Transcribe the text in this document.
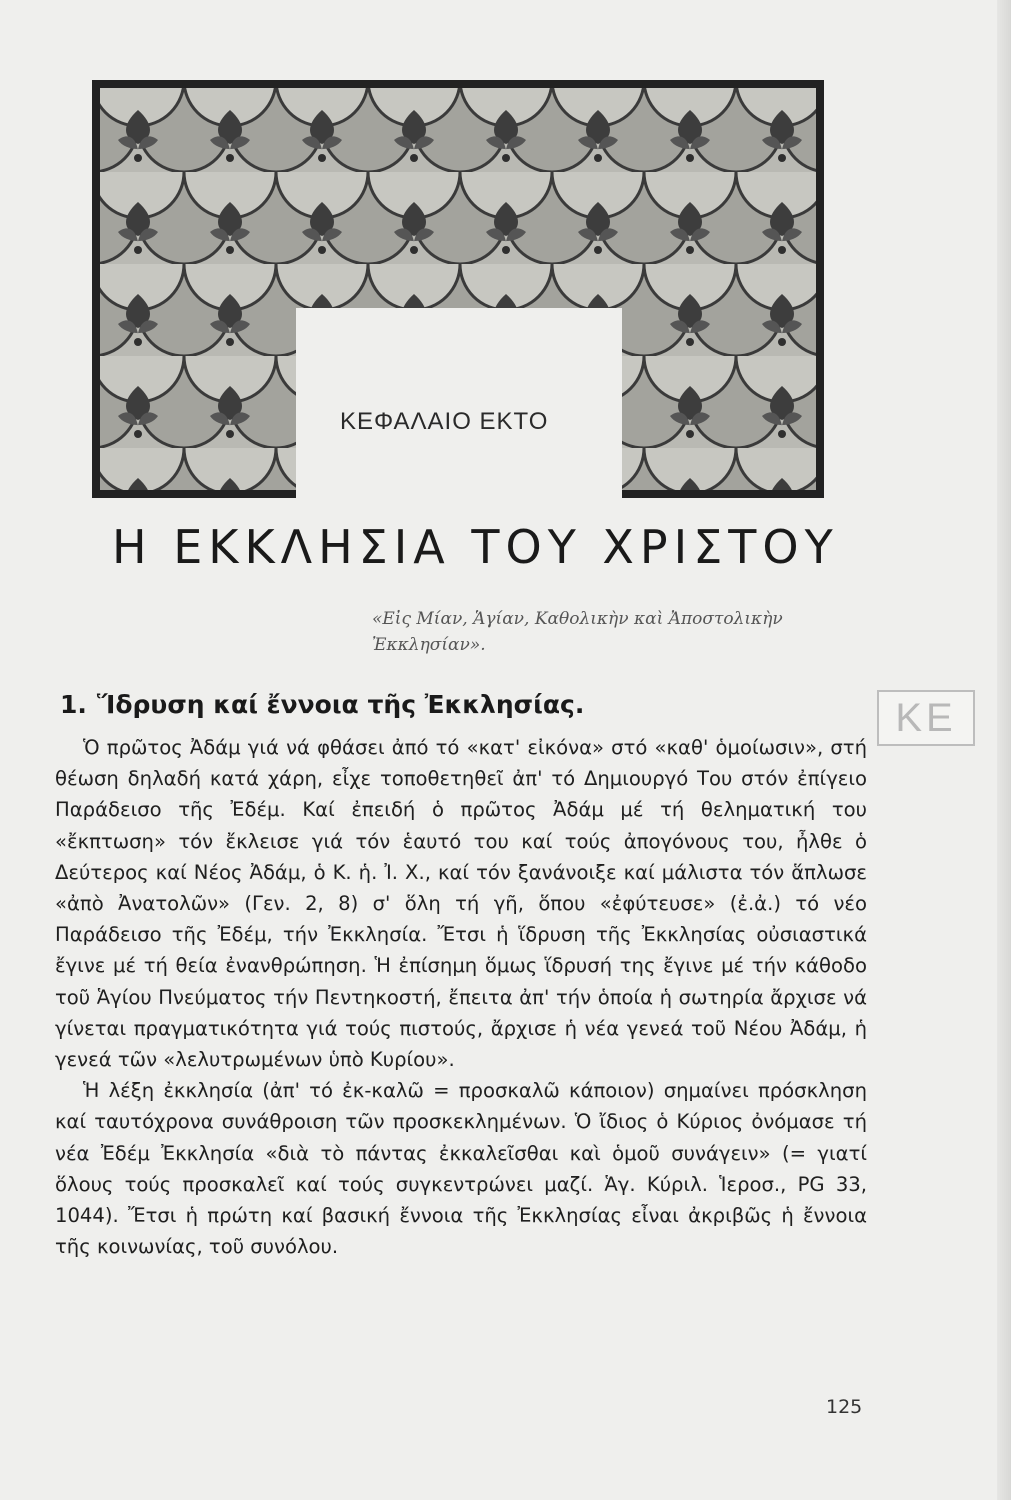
ΚΕΦΑΛΑΙΟ ΕΚΤΟ
Η ΕΚΚΛΗΣΙΑ ΤΟΥ ΧΡΙΣΤΟΥ
«Εἰς Μίαν, Ἁγίαν, Καθολικὴν καὶ Ἀποστολικὴν Ἐκκλησίαν».
1. Ἵδρυση καί ἔννοια τῆς Ἐκκλησίας.	ΚΕ

Ὁ πρῶτος Ἀδάμ γιά νά φθάσει ἀπό τό «κατ' εἰκόνα» στό «καθ' ὁμοίωσιν», στή θέωση δηλαδή κατά χάρη, εἶχε τοποθετηθεῖ ἀπ' τό Δημιουργό Του στόν ἐπίγειο Παράδεισο τῆς Ἐδέμ. Καί ἐπειδή ὁ πρῶτος Ἀδάμ μέ τή θεληματική του «ἔκπτωση» τόν ἔκλεισε γιά τόν ἑαυτό του καί τούς ἀπογόνους του, ἦλθε ὁ Δεύτερος καί Νέος Ἀδάμ, ὁ Κ. ἡ. Ἰ. Χ., καί τόν ξανάνοιξε καί μάλιστα τόν ἅπλωσε «ἀπὸ Ἀνατολῶν» (Γεν. 2, 8) σ' ὅλη τή γῆ, ὅπου «ἐφύτευσε» (ἐ.ἀ.) τό νέο Παράδεισο τῆς Ἐδέμ, τήν Ἐκκλησία. Ἔτσι ἡ ἵδρυση τῆς Ἐκκλησίας οὐσιαστικά ἔγινε μέ τή θεία ἐνανθρώπηση. Ἡ ἐπίσημη ὅμως ἵδρυσή της ἔγινε μέ τήν κάθοδο τοῦ Ἁγίου Πνεύματος τήν Πεντηκοστή, ἔπειτα ἀπ' τήν ὁποία ἡ σωτηρία ἄρχισε νά γίνεται πραγματικότητα γιά τούς πιστούς, ἄρχισε ἡ νέα γενεά τοῦ Νέου Ἀδάμ, ἡ γενεά τῶν «λελυτρωμένων ὑπὸ Κυρίου».

Ἡ λέξη ἐκκλησία (ἀπ' τό ἐκ-καλῶ = προσκαλῶ κάποιον) σημαίνει πρόσκληση καί ταυτόχρονα συνάθροιση τῶν προσκεκλημένων. Ὁ ἴδιος ὁ Κύριος ὀνόμασε τή νέα Ἐδέμ Ἐκκλησία «διὰ τὸ πάντας ἐκκαλεῖσθαι καὶ ὁμοῦ συνάγειν» (= γιατί ὅλους τούς προσκαλεῖ καί τούς συγκεντρώνει μαζί. Ἁγ. Κύριλ. Ἱεροσ., PG 33, 1044). Ἔτσι ἡ πρώτη καί βασική ἔννοια τῆς Ἐκκλησίας εἶναι ἀκριβῶς ἡ ἔννοια τῆς κοινωνίας, τοῦ συνόλου.

125
